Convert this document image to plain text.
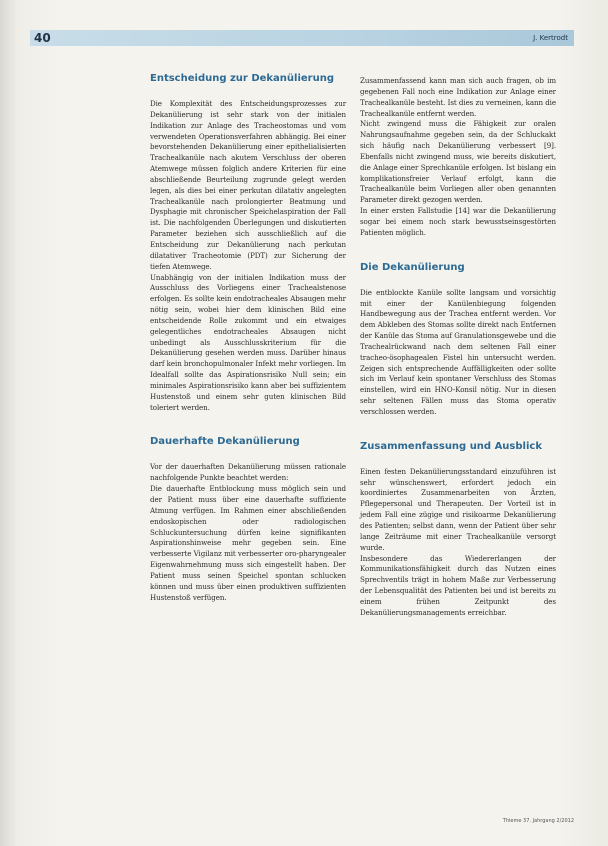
40	J. Kertrodt
Entscheidung zur Dekanülierung

Die Komplexität des Entscheidungsprozesses zur Dekanülierung ist sehr stark von der initialen Indikation zur Anlage des Tracheostomas und vom verwendeten Operationsverfahren abhängig. Bei einer bevorstehenden Dekanülierung einer epithelialisierten Trachealkanüle nach akutem Verschluss der oberen Atemwege müssen folglich andere Kriterien für eine abschließende Beurteilung zugrunde gelegt werden legen, als dies bei einer perkutan dilatativ angelegten Trachealkanüle nach prolongierter Beatmung und Dysphagie mit chronischer Speichelaspiration der Fall ist. Die nachfolgenden Überlegungen und diskutierten Parameter beziehen sich ausschließlich auf die Entscheidung zur Dekanülierung nach perkutan dilatativer Tracheotomie (PDT) zur Sicherung der tiefen Atemwege.

Unabhängig von der initialen Indikation muss der Ausschluss des Vorliegens einer Trachealstenose erfolgen. Es sollte kein endotracheales Absaugen mehr nötig sein, wobei hier dem klinischen Bild eine entscheidende Rolle zukommt und ein etwaiges gelegentliches endotracheales Absaugen nicht unbedingt als Ausschlusskriterium für die Dekanülierung gesehen werden muss. Darüber hinaus darf kein bronchopulmonaler Infekt mehr vorliegen. Im Idealfall sollte das Aspirationsrisiko Null sein; ein minimales Aspirationsrisiko kann aber bei suffizientem Hustenstoß und einem sehr guten klinischen Bild toleriert werden.

Dauerhafte Dekanülierung

Vor der dauerhaften Dekanülierung müssen rationale nachfolgende Punkte beachtet werden:

Die dauerhafte Entblockung muss möglich sein und der Patient muss über eine dauerhafte suffiziente Atmung verfügen. Im Rahmen einer abschließenden endoskopischen oder radiologischen Schluckuntersuchung dürfen keine signifikanten Aspirationshinweise mehr gegeben sein. Eine verbesserte Vigilanz mit verbesserter oro-pharyngealer Eigenwahrnehmung muss sich eingestellt haben. Der Patient muss seinen Speichel spontan schlucken können und muss über einen produktiven suffizienten Hustenstoß verfügen.

Zusammenfassend kann man sich auch fragen, ob im gegebenen Fall noch eine Indikation zur Anlage einer Trachealkanüle besteht. Ist dies zu verneinen, kann die Trachealkanüle entfernt werden.

Nicht zwingend muss die Fähigkeit zur oralen Nahrungsaufnahme gegeben sein, da der Schluckakt sich häufig nach Dekanülierung verbessert [9]. Ebenfalls nicht zwingend muss, wie bereits diskutiert, die Anlage einer Sprechkanüle erfolgen. Ist bislang ein komplikationsfreier Verlauf erfolgt, kann die Trachealkanüle beim Vorliegen aller oben genannten Parameter direkt gezogen werden.

In einer ersten Fallstudie [14] war die Dekanülierung sogar bei einem noch stark bewusstseinsgestörten Patienten möglich.

Die Dekanülierung

Die entblockte Kanüle sollte langsam und vorsichtig mit einer der Kanülenbiegung folgenden Handbewegung aus der Trachea entfernt werden. Vor dem Abkleben des Stomas sollte direkt nach Entfernen der Kanüle das Stoma auf Granulationsgewebe und die Trachealrückwand nach dem seltenen Fall einer tracheo-ösophagealen Fistel hin untersucht werden. Zeigen sich entsprechende Auffälligkeiten oder sollte sich im Verlauf kein spontaner Verschluss des Stomas einstellen, wird ein HNO-Konsil nötig. Nur in diesen sehr seltenen Fällen muss das Stoma operativ verschlossen werden.

Zusammenfassung und Ausblick

Einen festen Dekanülierungsstandard einzuführen ist sehr wünschenswert, erfordert jedoch ein koordiniertes Zusammenarbeiten von Ärzten, Pflegepersonal und Therapeuten. Der Vorteil ist in jedem Fall eine zügige und risikoarme Dekanülierung des Patienten; selbst dann, wenn der Patient über sehr lange Zeiträume mit einer Trachealkanüle versorgt wurde.

Insbesondere das Wiedererlangen der Kommunikationsfähigkeit durch das Nutzen eines Sprechventils trägt in hohem Maße zur Verbesserung der Lebensqualität des Patienten bei und ist bereits zu einem frühen Zeitpunkt des Dekanülierungsmanagements erreichbar.

Thieme 37. Jahrgang 2/2012
